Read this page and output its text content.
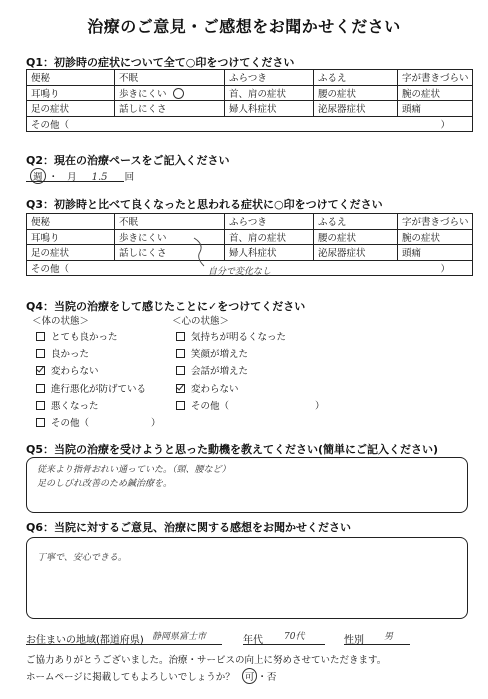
治療のご意見・ご感想をお聞かせください
Q1：初診時の症状について全て○印をつけてください
便秘	不眠	ふらつき	ふるえ	字が書きづらい
耳鳴り	歩きにくい	首、肩の症状	腰の症状	腕の症状
足の症状	話しにくさ	婦人科症状	泌尿器症状	頭痛
その他（ ）				
Q2：現在の治療ペースをご記入ください
週 ・ 月 1.5 回
Q3：初診時と比べて良くなったと思われる症状に○印をつけてください
便秘	不眠	ふらつき	ふるえ	字が書きづらい
耳鳴り	歩きにくい	首、肩の症状	腰の症状	腕の症状
足の症状	話しにくさ	婦人科症状	泌尿器症状	頭痛
その他（ ）				
自分で変化なし
Q4：当院の治療をして感じたことに✓をつけてください
＜体の状態＞	＜心の状態＞
とても良かった
良かった
変わらない
進行悪化が防げている
悪くなった
その他（	）
気持ちが明るくなった
笑顔が増えた
会話が増えた
変わらない
その他（	）
Q5：当院の治療を受けようと思った動機を教えてください(簡単にご記入ください)
従来より指骨おれい通っていた。（頸、腰など）
足のしびれ改善のため鍼治療を。
Q6：当院に対するご意見、治療に関する感想をお聞かせください
丁寧で、安心できる。
お住まいの地域(都道府県) 静岡県富士市	年代 70代	性別 男
ご協力ありがとうございました。治療・サービスの向上に努めさせていただきます。
ホームページに掲載してもよろしいでしょうか？ 可 ・否
